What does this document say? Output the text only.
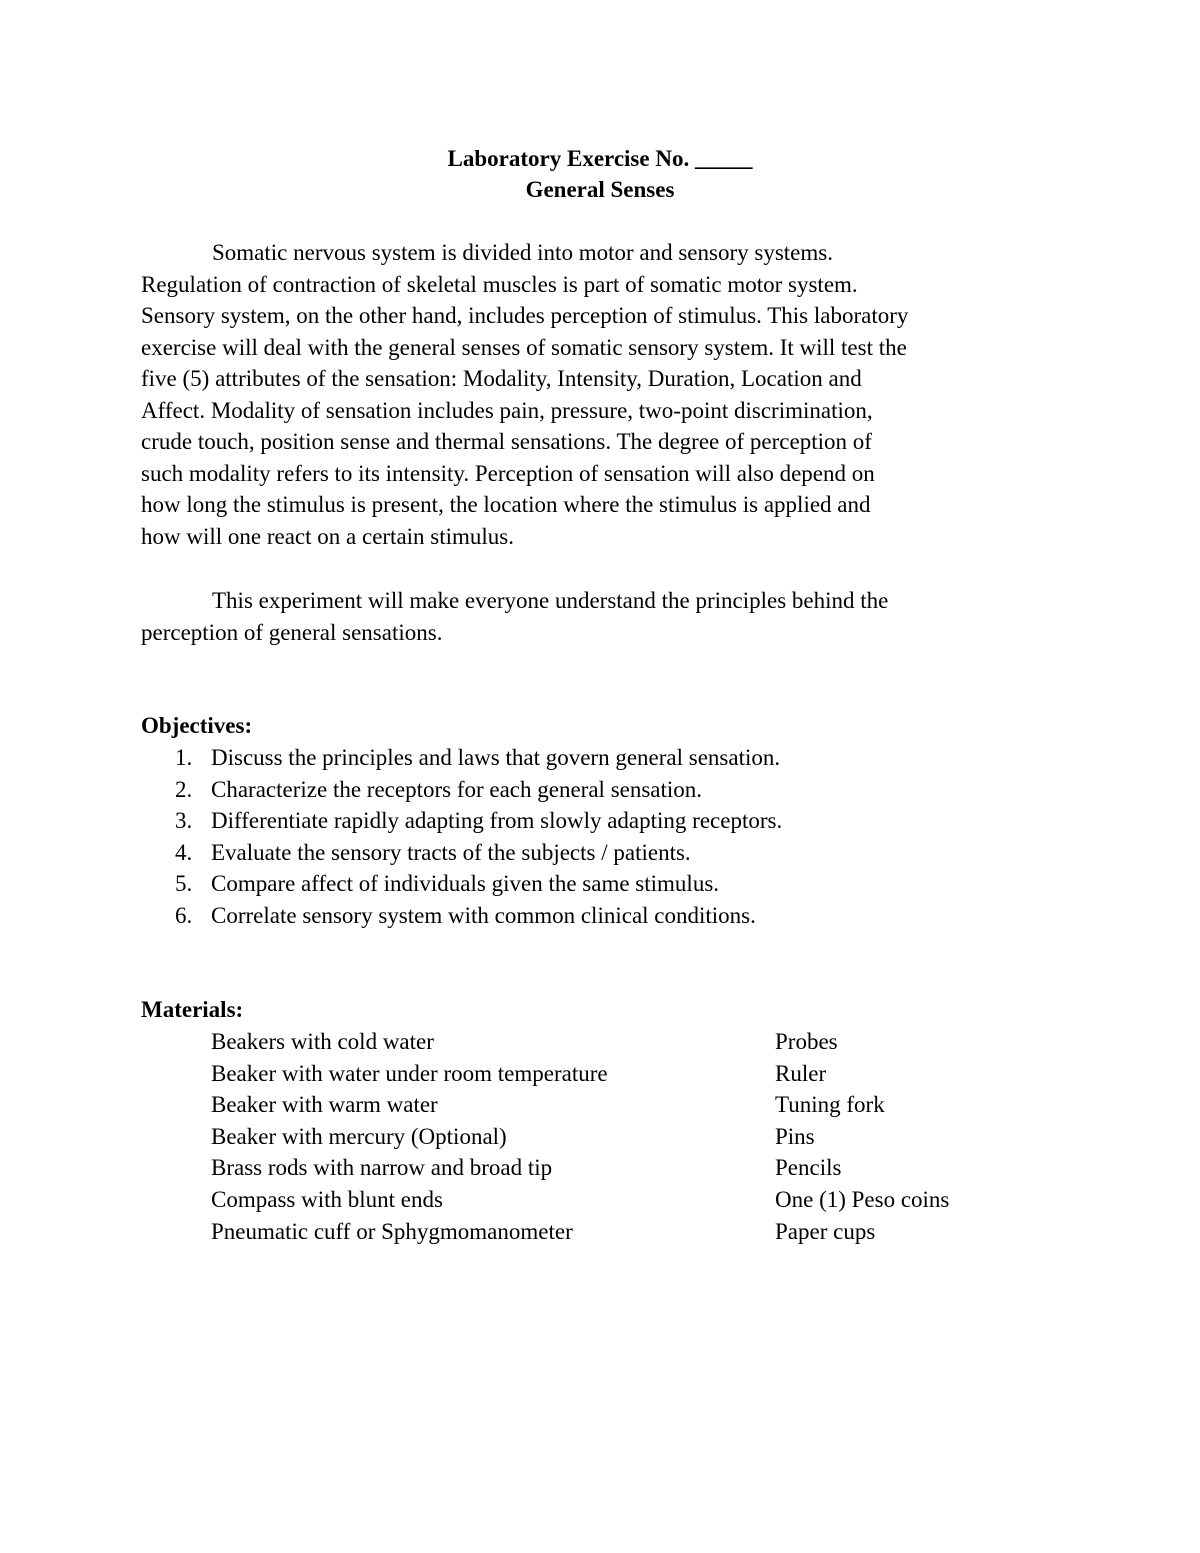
Laboratory Exercise No. _____
General Senses
Somatic nervous system is divided into motor and sensory systems.
Regulation of contraction of skeletal muscles is part of somatic motor system.
Sensory system, on the other hand, includes perception of stimulus. This laboratory
exercise will deal with the general senses of somatic sensory system. It will test the
five (5) attributes of the sensation: Modality, Intensity, Duration, Location and
Affect. Modality of sensation includes pain, pressure, two-point discrimination,
crude touch, position sense and thermal sensations. The degree of perception of
such modality refers to its intensity. Perception of sensation will also depend on
how long the stimulus is present, the location where the stimulus is applied and
how will one react on a certain stimulus.
This experiment will make everyone understand the principles behind the
perception of general sensations.
Objectives:
1. Discuss the principles and laws that govern general sensation.
2. Characterize the receptors for each general sensation.
3. Differentiate rapidly adapting from slowly adapting receptors.
4. Evaluate the sensory tracts of the subjects / patients.
5. Compare affect of individuals given the same stimulus.
6. Correlate sensory system with common clinical conditions.
Materials:
Beakers with cold water	Probes
Beaker with water under room temperature	Ruler
Beaker with warm water	Tuning fork
Beaker with mercury (Optional)	Pins
Brass rods with narrow and broad tip	Pencils
Compass with blunt ends	One (1) Peso coins
Pneumatic cuff or Sphygmomanometer	Paper cups
